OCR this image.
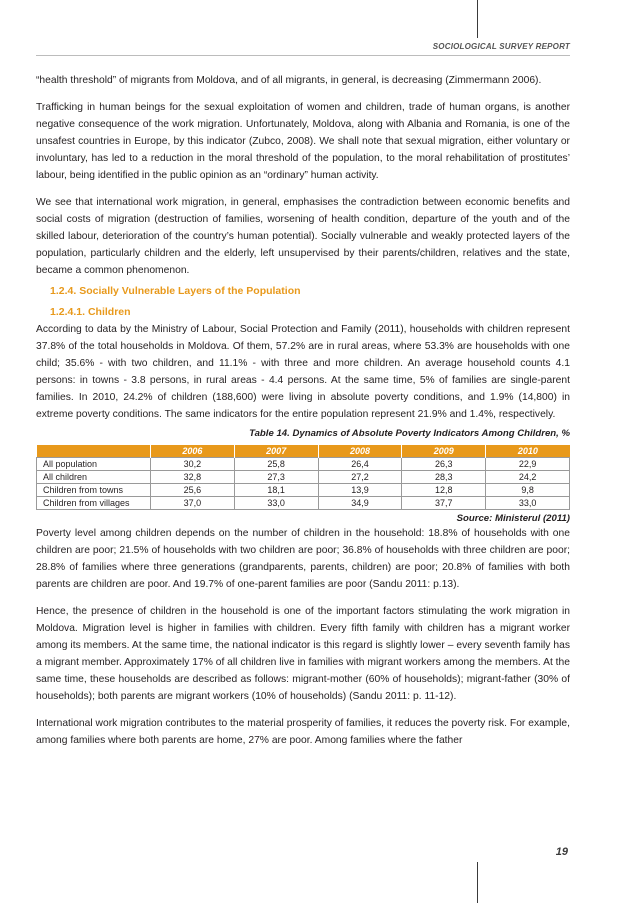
SOCIOLOGICAL SURVEY REPORT

“health threshold” of migrants from Moldova, and of all migrants, in general, is decreasing (Zimmermann 2006).

Trafficking in human beings for the sexual exploitation of women and children, trade of human organs, is another negative consequence of the work migration. Unfortunately, Moldova, along with Albania and Romania, is one of the unsafest countries in Europe, by this indicator (Zubco, 2008). We shall note that sexual migration, either voluntary or involuntary, has led to a reduction in the moral threshold of the population, to the moral rehabilitation of prostitutes’ labour, being identified in the public opinion as an “ordinary” human activity.

We see that international work migration, in general, emphasises the contradiction between economic benefits and social costs of migration (destruction of families, worsening of health condition, departure of the youth and of the skilled labour, deterioration of the country’s human potential). Socially vulnerable and weakly protected layers of the population, particularly children and the elderly, left unsupervised by their parents/children, relatives and the state, became a common phenomenon.

1.2.4. Socially Vulnerable Layers of the Population
1.2.4.1. Children

According to data by the Ministry of Labour, Social Protection and Family (2011), households with children represent 37.8% of the total households in Moldova. Of them, 57.2% are in rural areas, where 53.3% are households with one child; 35.6% - with two children, and 11.1% - with three and more children. An average household counts 4.1 persons: in towns - 3.8 persons, in rural areas - 4.4 persons. At the same time, 5% of families are single-parent families. In 2010, 24.2% of children (188,600) were living in absolute poverty conditions, and 1.9% (14,800) in extreme poverty conditions. The same indicators for the entire population represent 21.9% and 1.4%, respectively.

Table 14. Dynamics of Absolute Poverty Indicators Among Children, %
	2006	2007	2008	2009	2010
All population	30,2	25,8	26,4	26,3	22,9
All children	32,8	27,3	27,2	28,3	24,2
Children from towns	25,6	18,1	13,9	12,8	9,8
Children from villages	37,0	33,0	34,9	37,7	33,0
Source: Ministerul (2011)

Poverty level among children depends on the number of children in the household: 18.8% of households with one children are poor; 21.5% of households with two children are poor; 36.8% of households with three children are poor; 28.8% of families where three generations (grandparents, parents, children) are poor; 20.8% of families with both parents are children are poor. And 19.7% of one-parent families are poor (Sandu 2011: p.13).

Hence, the presence of children in the household is one of the important factors stimulating the work migration in Moldova. Migration level is higher in families with children. Every fifth family with children has a migrant worker among its members. At the same time, the national indicator is this regard is slightly lower – every seventh family has a migrant member. Approximately 17% of all children live in families with migrant workers among the members. At the same time, these households are described as follows: migrant-mother (60% of households); migrant-father (30% of households); both parents are migrant workers (10% of households) (Sandu 2011: p. 11-12).

International work migration contributes to the material prosperity of families, it reduces the poverty risk. For example, among families where both parents are home, 27% are poor. Among families where the father

19
